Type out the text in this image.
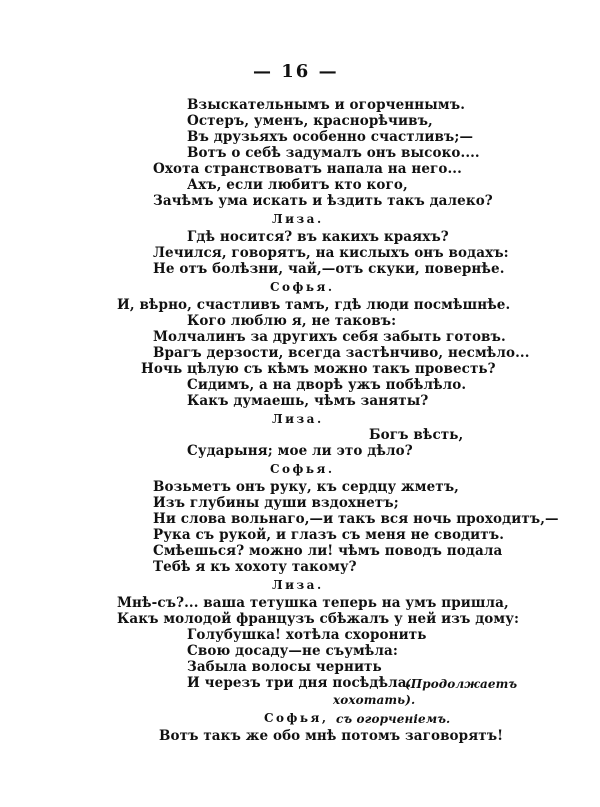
— 16 —
Взыскательнымъ и огорченнымъ.
Остеръ, уменъ, краснорѣчивъ,
Въ друзьяхъ особенно счастливъ;—
Вотъ о себѣ задумалъ онъ высоко....
Охота странствоватъ напала на него...
Ахъ, если любитъ кто кого,
Зачѣмъ ума искать и ѣздить такъ далеко?
Лиза.
Гдѣ носится? въ какихъ краяхъ?
Лечился, говорятъ, на кислыхъ онъ водахъ:
Не отъ болѣзни, чай,—отъ скуки, повернѣе.
Софья.
И, вѣрно, счастливъ тамъ, гдѣ люди посмѣшнѣе.
Кого люблю я, не таковъ:
Молчалинъ за другихъ себя забыть готовъ.
Врагъ дерзости, всегда застѣнчиво, несмѣло...
Ночь цѣлую съ кѣмъ можно такъ провесть?
Сидимъ, а на дворѣ ужъ побѣлѣло.
Какъ думаешь, чѣмъ заняты?
Лиза.
Богъ вѣсть,
Сударыня; мое ли это дѣло?
Софья.
Возьметъ онъ руку, къ сердцу жметъ,
Изъ глубины души вздохнетъ;
Ни слова вольнаго,—и такъ вся ночь проходитъ,—
Рука съ рукой, и глазъ съ меня не сводитъ.
Смѣешься? можно ли! чѣмъ поводъ подала
Тебѣ я къ хохоту такому?
Лиза.
Мнѣ-съ?... ваша тетушка теперь на умъ пришла,
Какъ молодой французъ сбѣжалъ у ней изъ дому:
Голубушка! хотѣла схоронить
Свою досаду—не съумѣла:
Забыла волосы чернить
И черезъ три дня посѣдѣла.
(Продолжаетъ
хохотать).
Софья, съ огорченіемъ.
Вотъ такъ же обо мнѣ потомъ заговорятъ!
